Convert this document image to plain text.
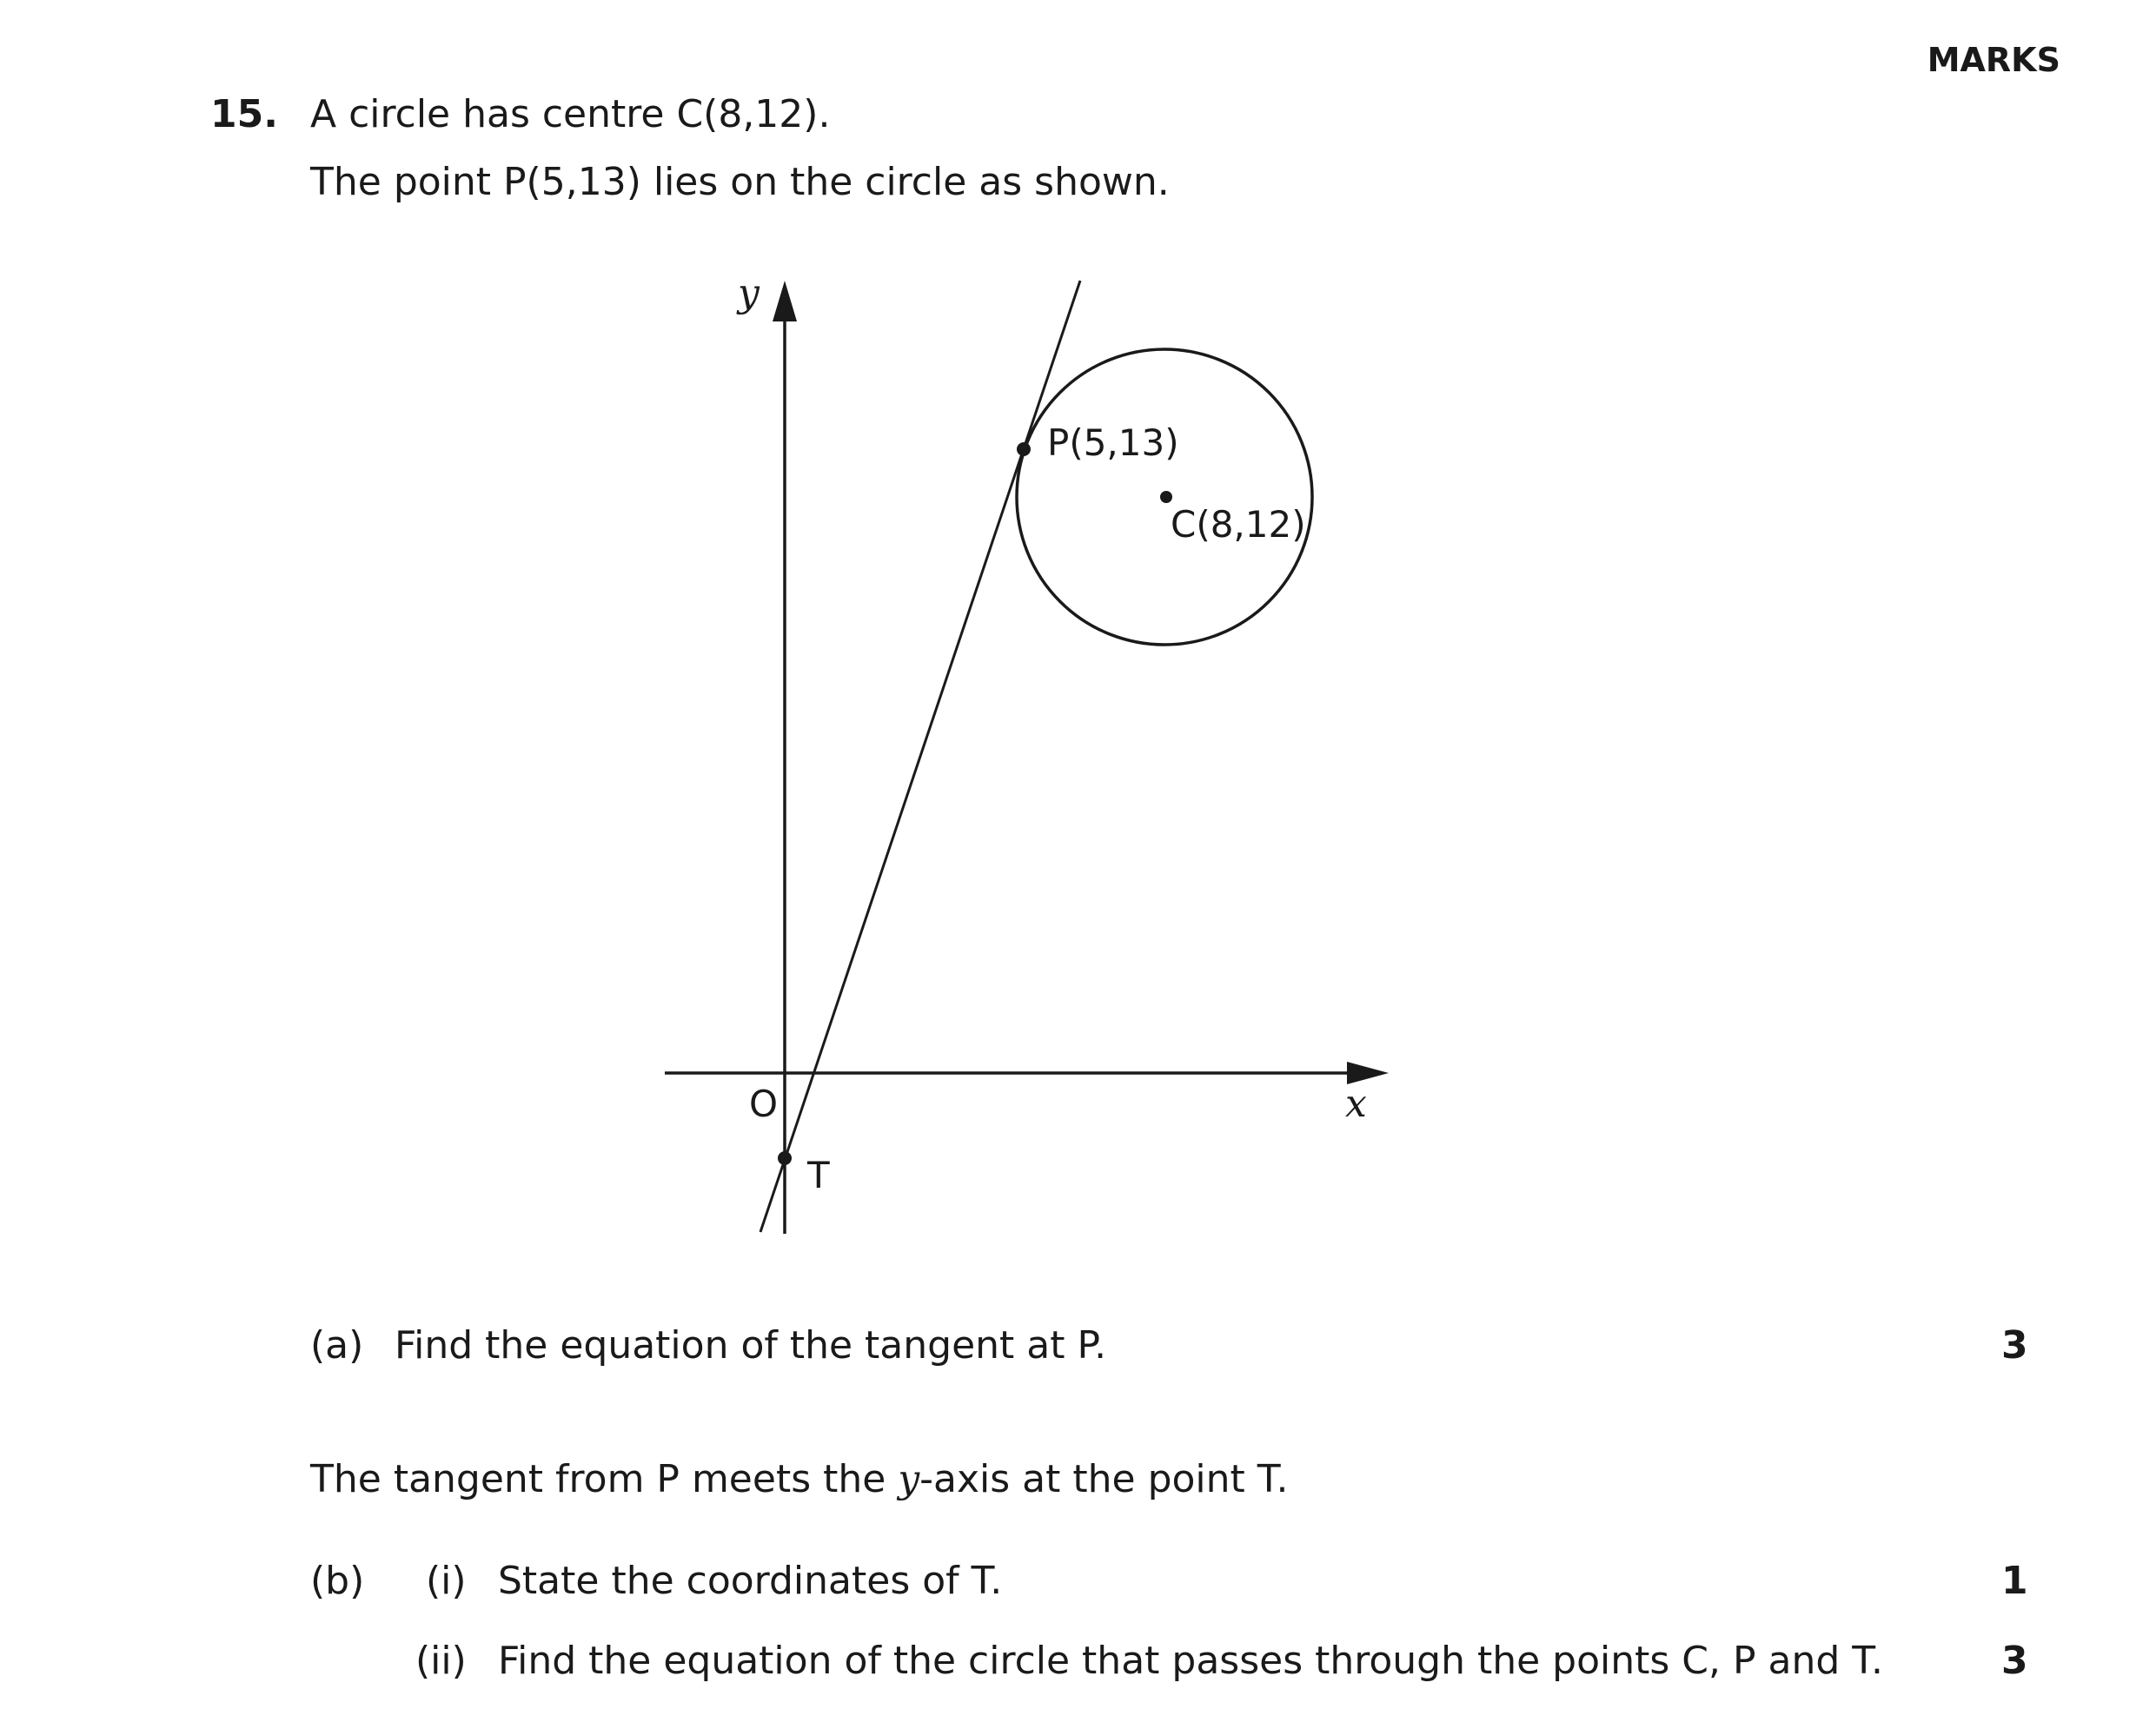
MARKS
15. A circle has centre C(8,12).
The point P(5,13) lies on the circle as shown.
y
x
O
P(5,13)
C(8,12)
T
(a) Find the equation of the tangent at P.	3
The tangent from P meets the y-axis at the point T.
(b) (i) State the coordinates of T.	1
(ii) Find the equation of the circle that passes through the points C, P and T.	3
